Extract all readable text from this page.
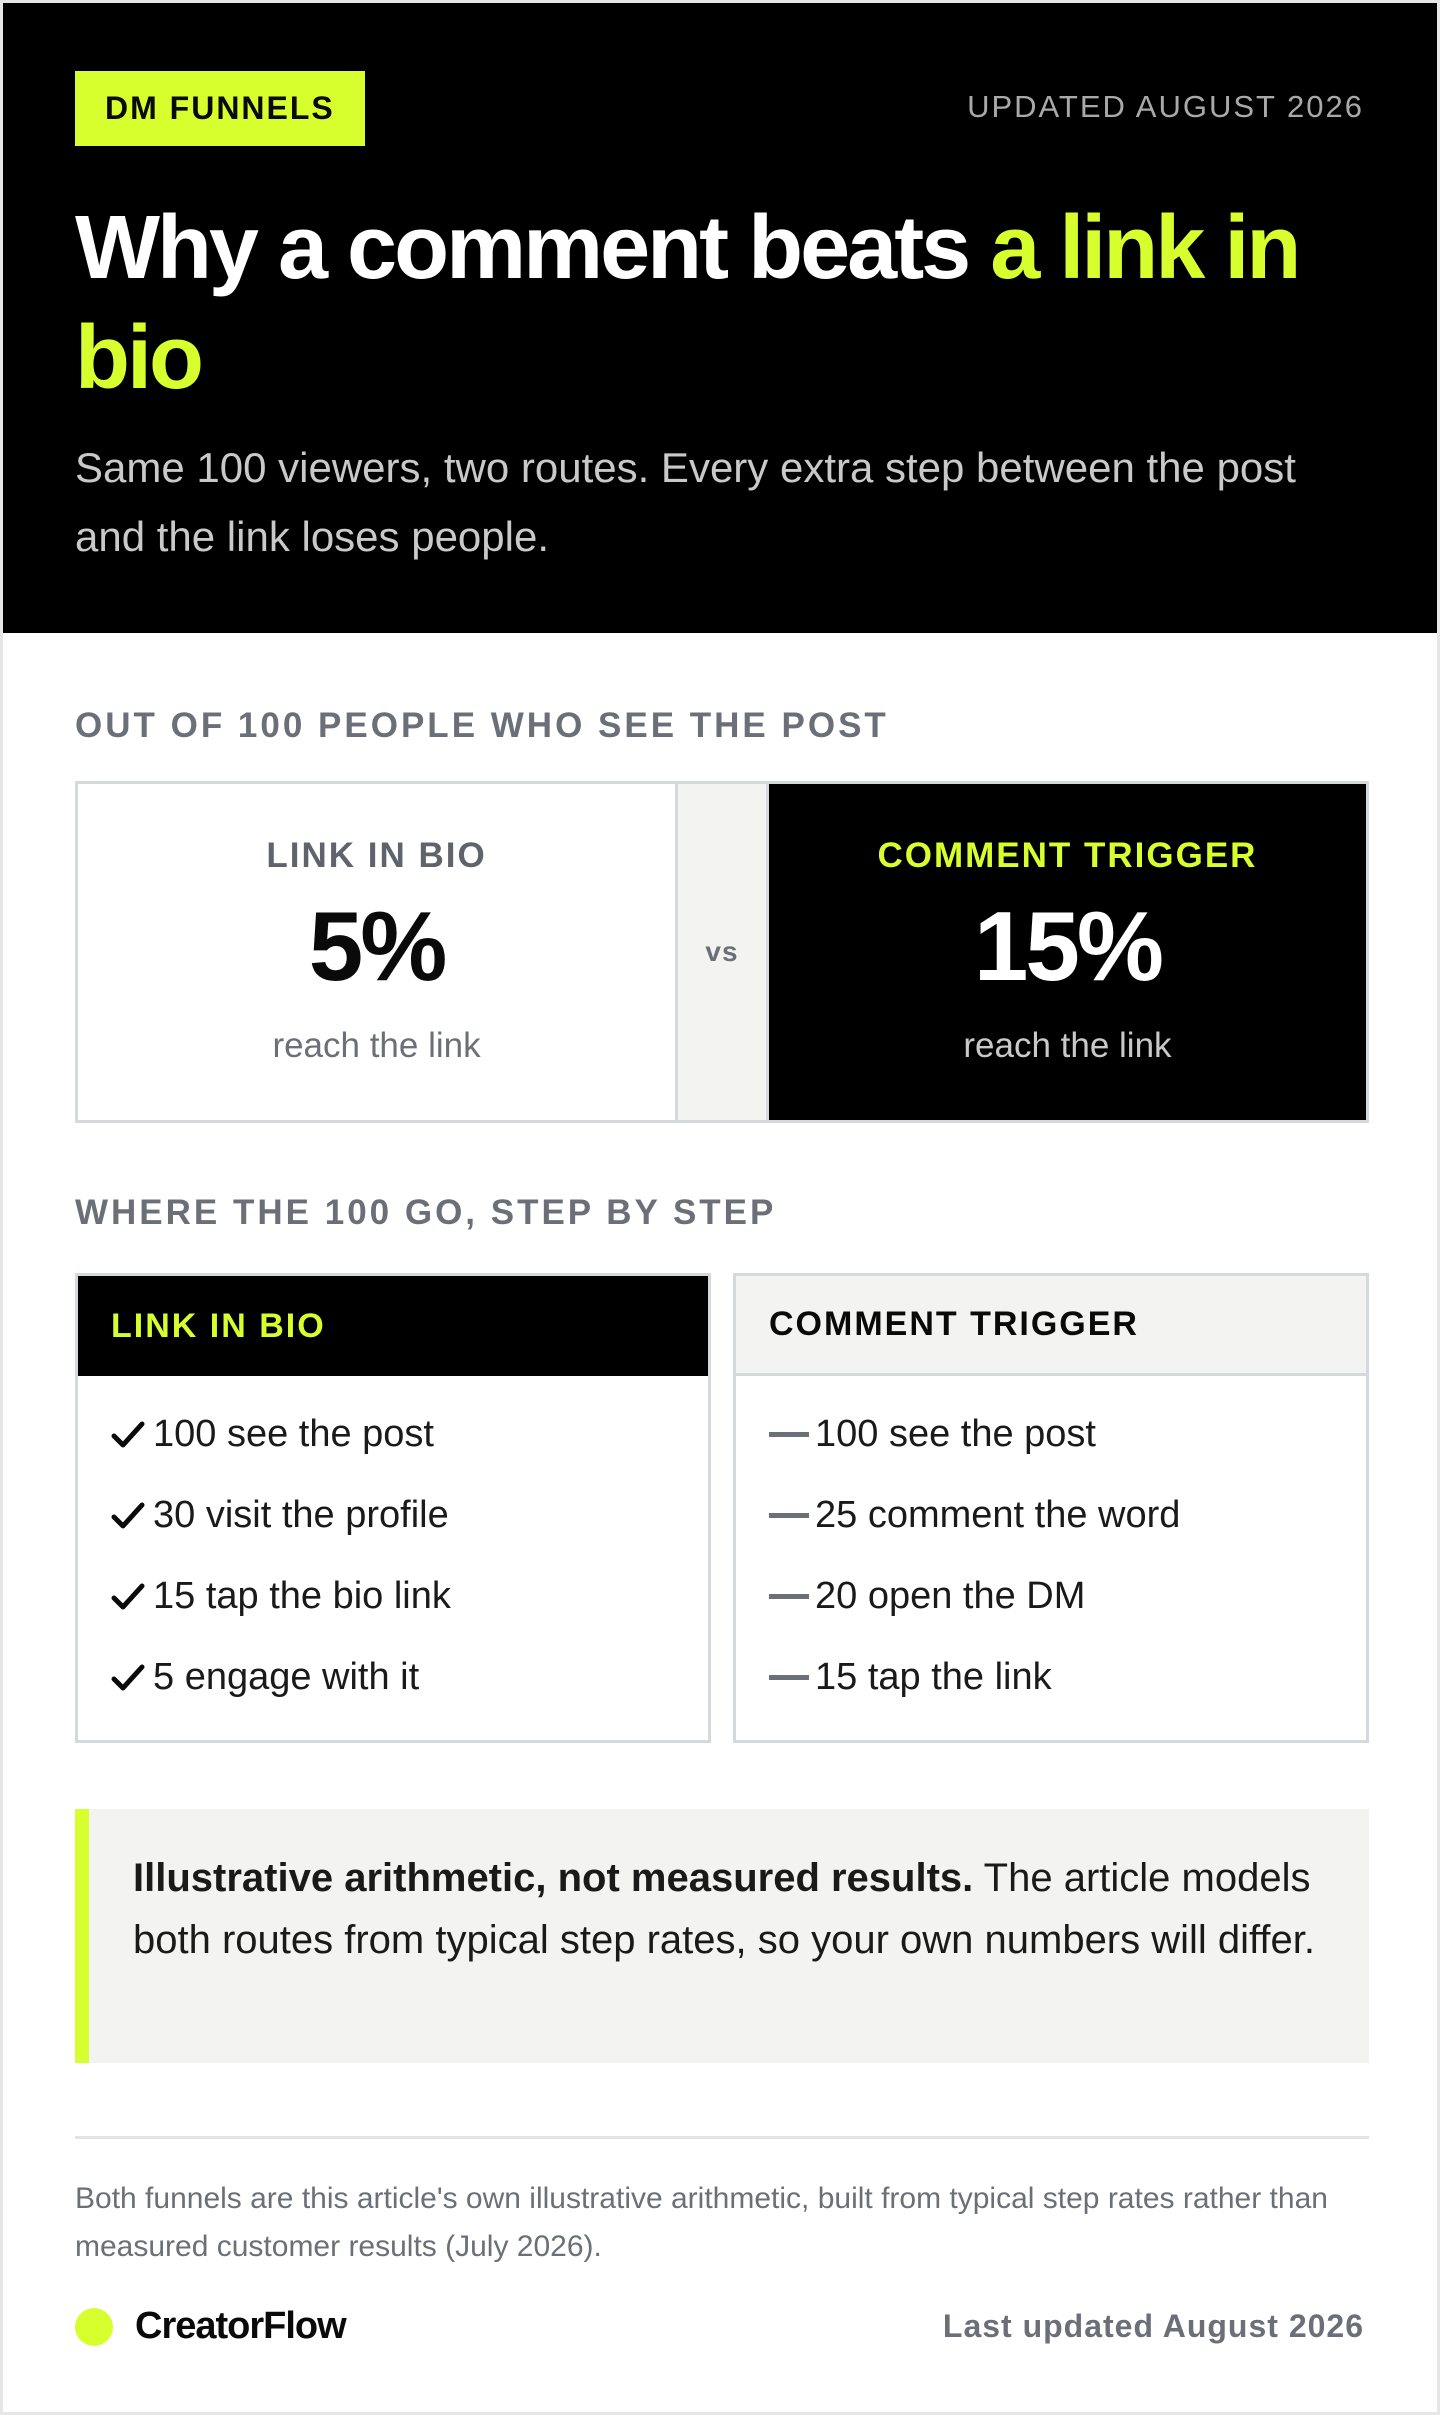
DM FUNNELS	UPDATED AUGUST 2026
Why a comment beats a link in bio

Same 100 viewers, two routes. Every extra step between the post and the link loses people.

OUT OF 100 PEOPLE WHO SEE THE POST
LINK IN BIO
5%
reach the link
vs
COMMENT TRIGGER
15%
reach the link
WHERE THE 100 GO, STEP BY STEP
LINK IN BIO
100 see the post
30 visit the profile
15 tap the bio link
5 engage with it
COMMENT TRIGGER
100 see the post
25 comment the word
20 open the DM
15 tap the link
Illustrative arithmetic, not measured results. The article models both routes from typical step rates, so your own numbers will differ.

Both funnels are this article's own illustrative arithmetic, built from typical step rates rather than measured customer results (July 2026).

CreatorFlow	Last updated August 2026
